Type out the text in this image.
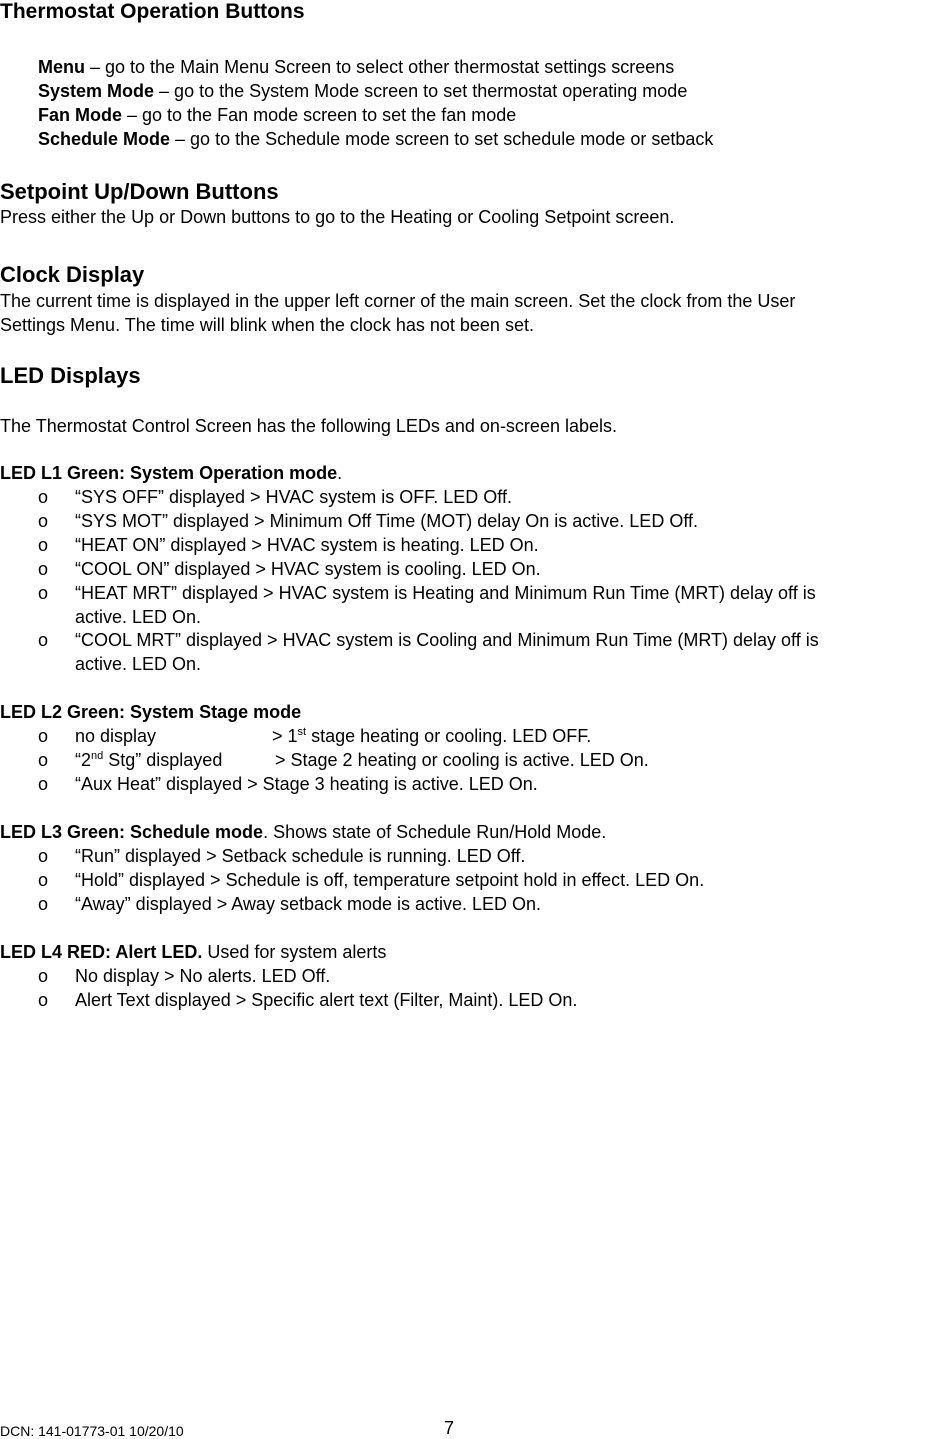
Thermostat Operation Buttons
Menu – go to the Main Menu Screen to select other thermostat settings screens
System Mode – go to the System Mode screen to set thermostat operating mode
Fan Mode – go to the Fan mode screen to set the fan mode
Schedule Mode – go to the Schedule mode screen to set schedule mode or setback
Setpoint Up/Down Buttons
Press either the Up or Down buttons to go to the Heating or Cooling Setpoint screen.
Clock Display
The current time is displayed in the upper left corner of the main screen. Set the clock from the User
Settings Menu. The time will blink when the clock has not been set.
LED Displays
The Thermostat Control Screen has the following LEDs and on-screen labels.
LED L1 Green: System Operation mode.
o “SYS OFF” displayed > HVAC system is OFF. LED Off.
o “SYS MOT” displayed > Minimum Off Time (MOT) delay On is active. LED Off.
o “HEAT ON” displayed > HVAC system is heating. LED On.
o “COOL ON” displayed > HVAC system is cooling. LED On.
o “HEAT MRT” displayed > HVAC system is Heating and Minimum Run Time (MRT) delay off is
active. LED On.
o “COOL MRT” displayed > HVAC system is Cooling and Minimum Run Time (MRT) delay off is
active. LED On.
LED L2 Green: System Stage mode
o no display	> 1st stage heating or cooling. LED OFF.
o “2nd Stg” displayed	> Stage 2 heating or cooling is active. LED On.
o “Aux Heat” displayed > Stage 3 heating is active. LED On.
LED L3 Green: Schedule mode. Shows state of Schedule Run/Hold Mode.
o “Run” displayed > Setback schedule is running. LED Off.
o “Hold” displayed > Schedule is off, temperature setpoint hold in effect. LED On.
o “Away” displayed > Away setback mode is active. LED On.
LED L4 RED: Alert LED. Used for system alerts
o No display > No alerts. LED Off.
o Alert Text displayed > Specific alert text (Filter, Maint). LED On.
DCN: 141-01773-01 10/20/10	7
